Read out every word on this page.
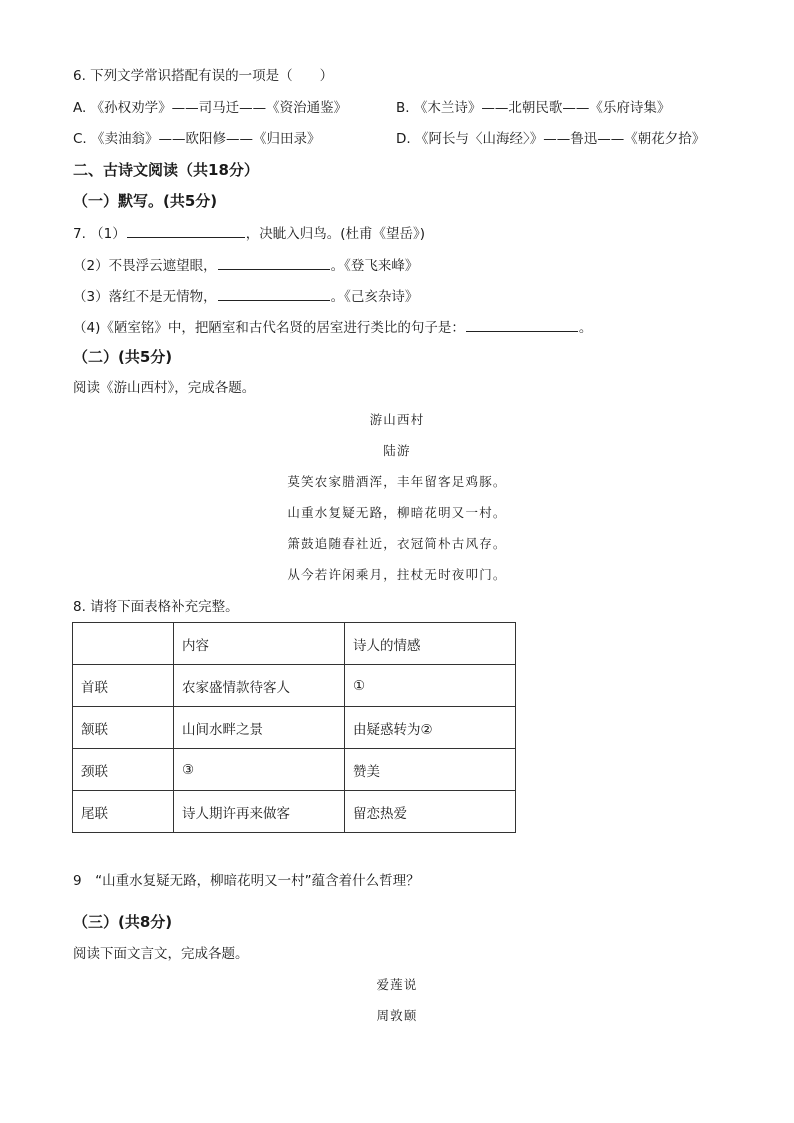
6. 下列文学常识搭配有误的一项是（　　）
A. 《孙权劝学》——司马迁——《资治通鉴》	B. 《木兰诗》——北朝民歌——《乐府诗集》
C. 《卖油翁》——欧阳修——《归田录》	D. 《阿长与〈山海经〉》——鲁迅——《朝花夕拾》
二、古诗文阅读（共18分）
（一）默写。(共5分)
7. （1）	，决眦入归鸟。(杜甫《望岳》)
（2）不畏浮云遮望眼，	。《登飞来峰》
（3）落红不是无情物，	。《己亥杂诗》
（4)《陋室铭》中，把陋室和古代名贤的居室进行类比的句子是：	。
（二）(共5分)
阅读《游山西村》，完成各题。
游山西村
陆游
莫笑农家腊酒浑，丰年留客足鸡豚。
山重水复疑无路，柳暗花明又一村。
箫鼓追随春社近，衣冠简朴古风存。
从今若许闲乘月，拄杖无时夜叩门。
8. 请将下面表格补充完整。
	内容	诗人的情感
首联	农家盛情款待客人	①
颔联	山间水畔之景	由疑惑转为②
颈联	③	赞美
尾联	诗人期许再来做客	留恋热爱
9　“山重水复疑无路，柳暗花明又一村”蕴含着什么哲理？
（三）(共8分)
阅读下面文言文，完成各题。
爱莲说
周敦颐
